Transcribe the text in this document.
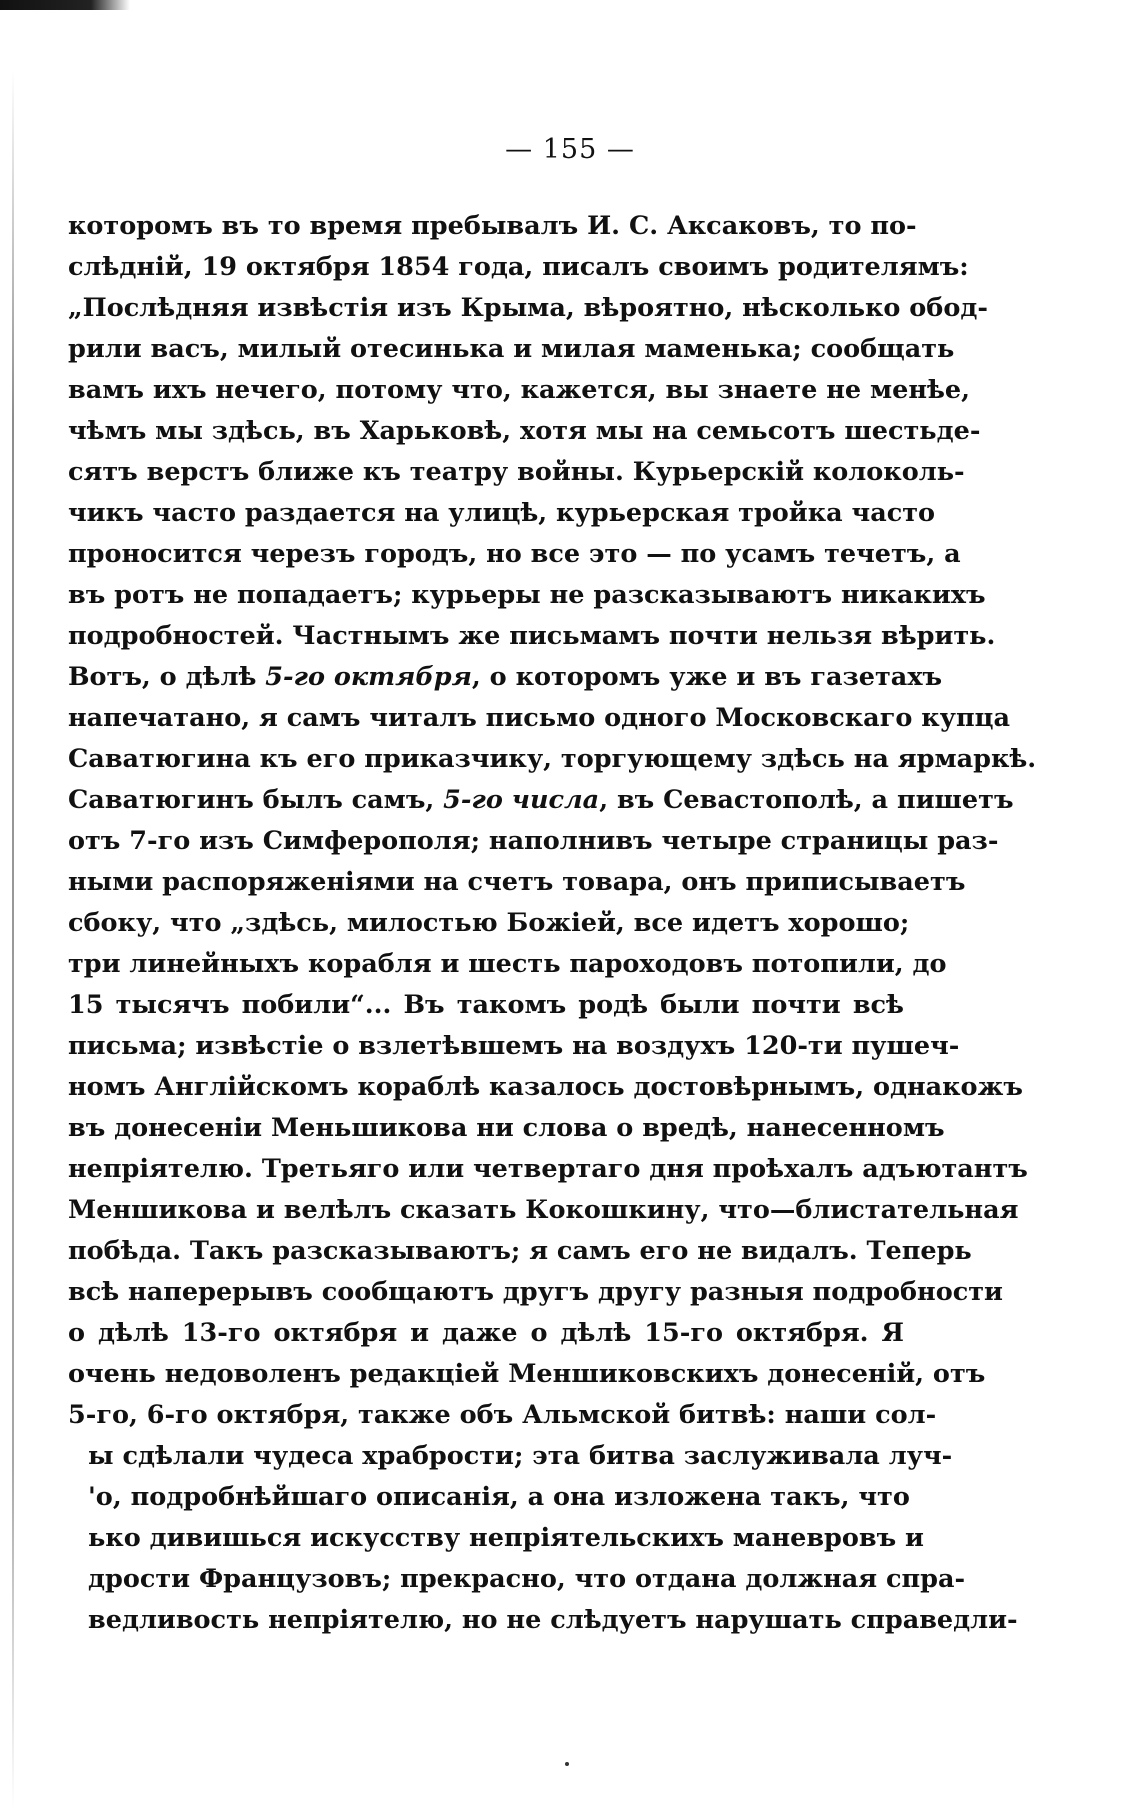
— 155 —
которомъ въ то время пребывалъ И. С. Аксаковъ, то по-
слѣдній, 19 октября 1854 года, писалъ своимъ родителямъ:
„Послѣдняя извѣстія изъ Крыма, вѣроятно, нѣсколько обод-
рили васъ, милый отесинька и милая маменька; сообщать
вамъ ихъ нечего, потому что, кажется, вы знаете не менѣе,
чѣмъ мы здѣсь, въ Харьковѣ, хотя мы на семьсотъ шестьде-
сятъ верстъ ближе къ театру войны. Курьерскій колоколь-
чикъ часто раздается на улицѣ, курьерская тройка часто
проносится черезъ городъ, но все это — по усамъ течетъ, а
въ ротъ не попадаетъ; курьеры не разсказываютъ никакихъ
подробностей. Частнымъ же письмамъ почти нельзя вѣрить.
Вотъ, о дѣлѣ 5-го октября, о которомъ уже и въ газетахъ
напечатано, я самъ читалъ письмо одного Московскаго купца
Саватюгина къ его приказчику, торгующему здѣсь на ярмаркѣ.
Саватюгинъ былъ самъ, 5-го числа, въ Севастополѣ, а пишетъ
отъ 7-го изъ Симферополя; наполнивъ четыре страницы раз-
ными распоряженіями на счетъ товара, онъ приписываетъ
сбоку, что „здѣсь, милостью Божіей, все идетъ хорошо;
три линейныхъ корабля и шесть пароходовъ потопили, до
15 тысячъ побили“... Въ такомъ родѣ были почти всѣ
письма; извѣстіе о взлетѣвшемъ на воздухъ 120-ти пушеч-
номъ Англійскомъ кораблѣ казалось достовѣрнымъ, однакожъ
въ донесеніи Меньшикова ни слова о вредѣ, нанесенномъ
непріятелю. Третьяго или четвертаго дня проѣхалъ адъютантъ
Меншикова и велѣлъ сказать Кокошкину, что—блистательная
побѣда. Такъ разсказываютъ; я самъ его не видалъ. Теперь
всѣ наперерывъ сообщаютъ другъ другу разныя подробности
о дѣлѣ 13-го октября и даже о дѣлѣ 15-го октября. Я
очень недоволенъ редакціей Меншиковскихъ донесеній, отъ
5-го, 6-го октября, также объ Альмской битвѣ: наши сол-
ы сдѣлали чудеса храбрости; эта битва заслуживала луч-
'о, подробнѣйшаго описанія, а она изложена такъ, что
ько дивишься искусству непріятельскихъ маневровъ и
дрости Французовъ; прекрасно, что отдана должная спра-
ведливость непріятелю, но не слѣдуетъ нарушать справедли-
